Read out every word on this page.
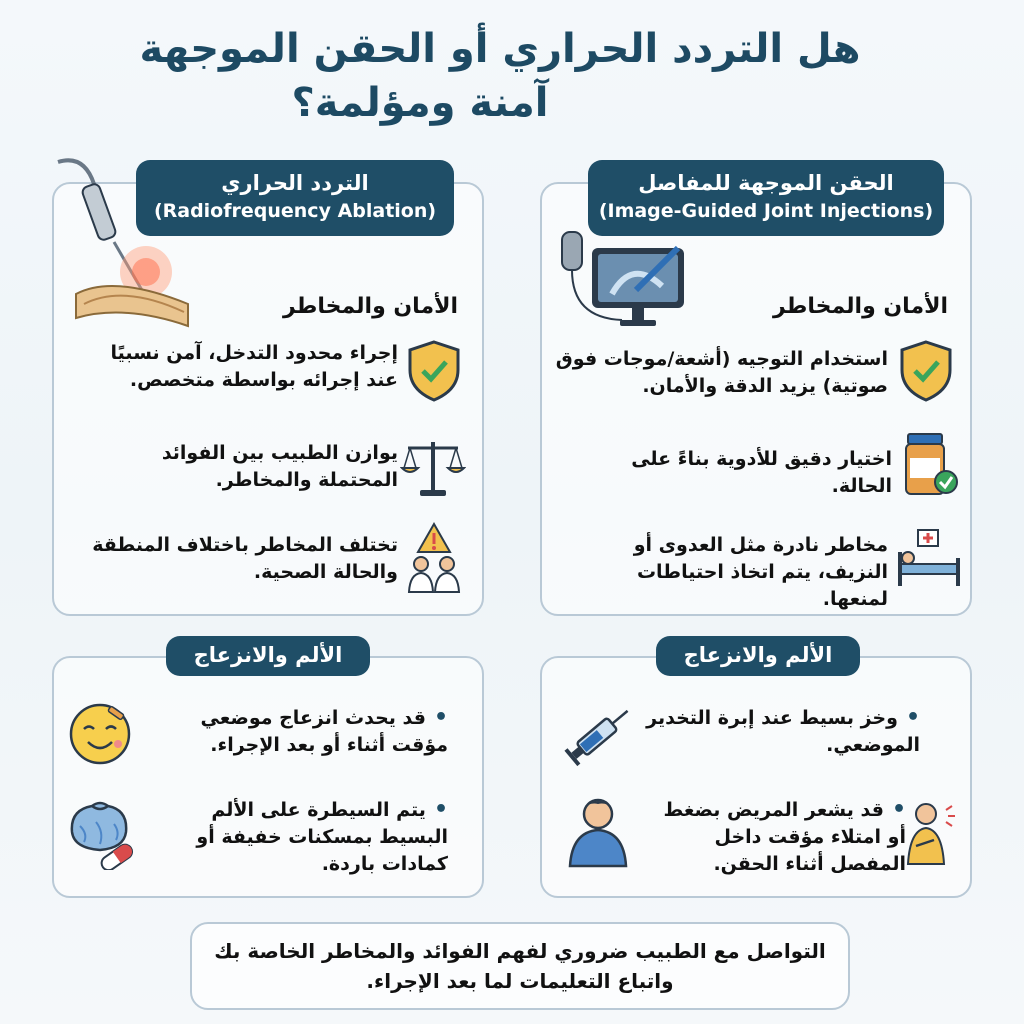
هل التردد الحراري أو الحقن الموجهة
آمنة ومؤلمة؟
الحقن الموجهة للمفاصل
(Image-Guided Joint Injections)
الأمان والمخاطر
استخدام التوجيه (أشعة/موجات فوق صوتية) يزيد الدقة والأمان.
اختيار دقيق للأدوية بناءً على الحالة.
مخاطر نادرة مثل العدوى أو النزيف، يتم اتخاذ احتياطات لمنعها.
التردد الحراري
(Radiofrequency Ablation)
الأمان والمخاطر
إجراء محدود التدخل، آمن نسبيًا عند إجرائه بواسطة متخصص.
يوازن الطبيب بين الفوائد المحتملة والمخاطر.
تختلف المخاطر باختلاف المنطقة والحالة الصحية.
الألم والانزعاج
• وخز بسيط عند إبرة التخدير الموضعي.
• قد يشعر المريض بضغط أو امتلاء مؤقت داخل المفصل أثناء الحقن.
الألم والانزعاج
• قد يحدث انزعاج موضعي مؤقت أثناء أو بعد الإجراء.
• يتم السيطرة على الألم البسيط بمسكنات خفيفة أو كمادات باردة.
التواصل مع الطبيب ضروري لفهم الفوائد والمخاطر الخاصة بك
واتباع التعليمات لما بعد الإجراء.
